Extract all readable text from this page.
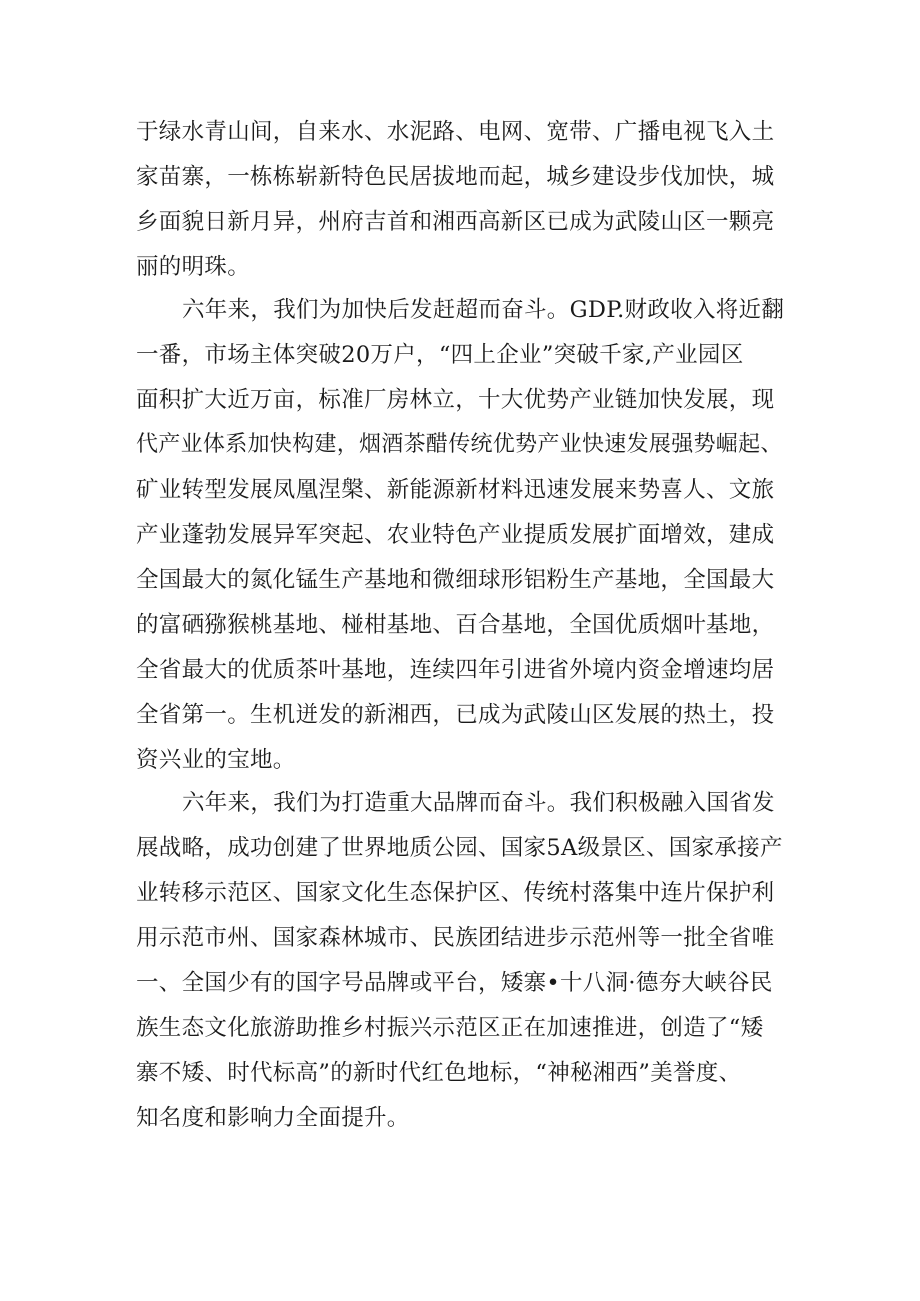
于绿水青山间，自来水、水泥路、电网、宽带、广播电视飞入土
家苗寨，一栋栋崭新特色民居拔地而起，城乡建设步伐加快，城
乡面貌日新月异，州府吉首和湘西高新区已成为武陵山区一颗亮
丽的明珠。
六年来，我们为加快后发赶超而奋斗。GDP.财政收入将近翻
一番，市场主体突破20万户，“四上企业”突破千家,产业园区
面积扩大近万亩，标准厂房林立，十大优势产业链加快发展，现
代产业体系加快构建，烟酒茶醋传统优势产业快速发展强势崛起、
矿业转型发展凤凰涅槃、新能源新材料迅速发展来势喜人、文旅
产业蓬勃发展异军突起、农业特色产业提质发展扩面增效，建成
全国最大的氮化锰生产基地和微细球形铝粉生产基地，全国最大
的富硒猕猴桃基地、椪柑基地、百合基地，全国优质烟叶基地，
全省最大的优质茶叶基地，连续四年引进省外境内资金增速均居
全省第一。生机迸发的新湘西，已成为武陵山区发展的热土，投
资兴业的宝地。
六年来，我们为打造重大品牌而奋斗。我们积极融入国省发
展战略，成功创建了世界地质公园、国家5A级景区、国家承接产
业转移示范区、国家文化生态保护区、传统村落集中连片保护利
用示范市州、国家森林城市、民族团结进步示范州等一批全省唯
一、全国少有的国字号品牌或平台，矮寨•十八洞·德夯大峡谷民
族生态文化旅游助推乡村振兴示范区正在加速推进，创造了“矮
寨不矮、时代标高”的新时代红色地标，“神秘湘西”美誉度、
知名度和影响力全面提升。
